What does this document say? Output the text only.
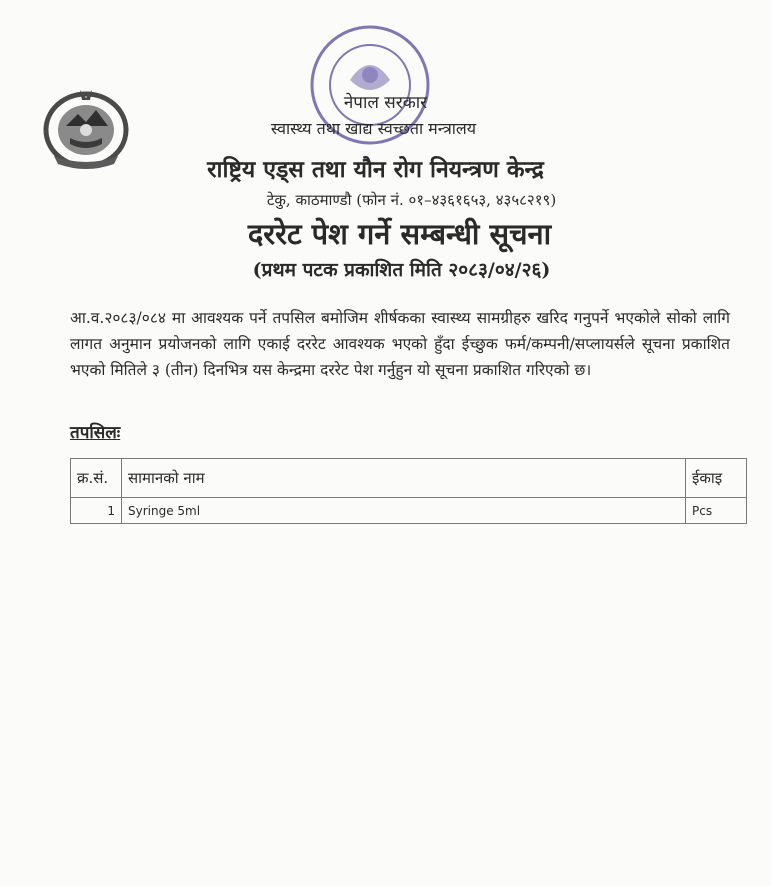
नेपाल सरकार
स्वास्थ्य तथा खाद्य स्वच्छता मन्त्रालय
राष्ट्रिय एड्स तथा यौन रोग नियन्त्रण केन्द्र
टेकु, काठमाण्डौ (फोन नं. ०१–४३६१६५३, ४३५८२१९)
दररेट पेश गर्ने सम्बन्धी सूचना
(प्रथम पटक प्रकाशित मिति २०८३/०४/२६)
आ.व.२०८३/०८४ मा आवश्यक पर्ने तपसिल बमोजिम शीर्षकका स्वास्थ्य सामग्रीहरु खरिद गनुपर्ने भएकोले सोको लागि लागत अनुमान प्रयोजनको लागि एकाई दररेट आवश्यक भएको हुँदा ईच्छुक फर्म/कम्पनी/सप्लायर्सले सूचना प्रकाशित भएको मितिले ३ (तीन) दिनभित्र यस केन्द्रमा दररेट पेश गर्नुहुन यो सूचना प्रकाशित गरिएको छ।
तपसिलः
क्र.सं.	सामानको नाम	ईकाइ
1	Syringe 5ml	Pcs
